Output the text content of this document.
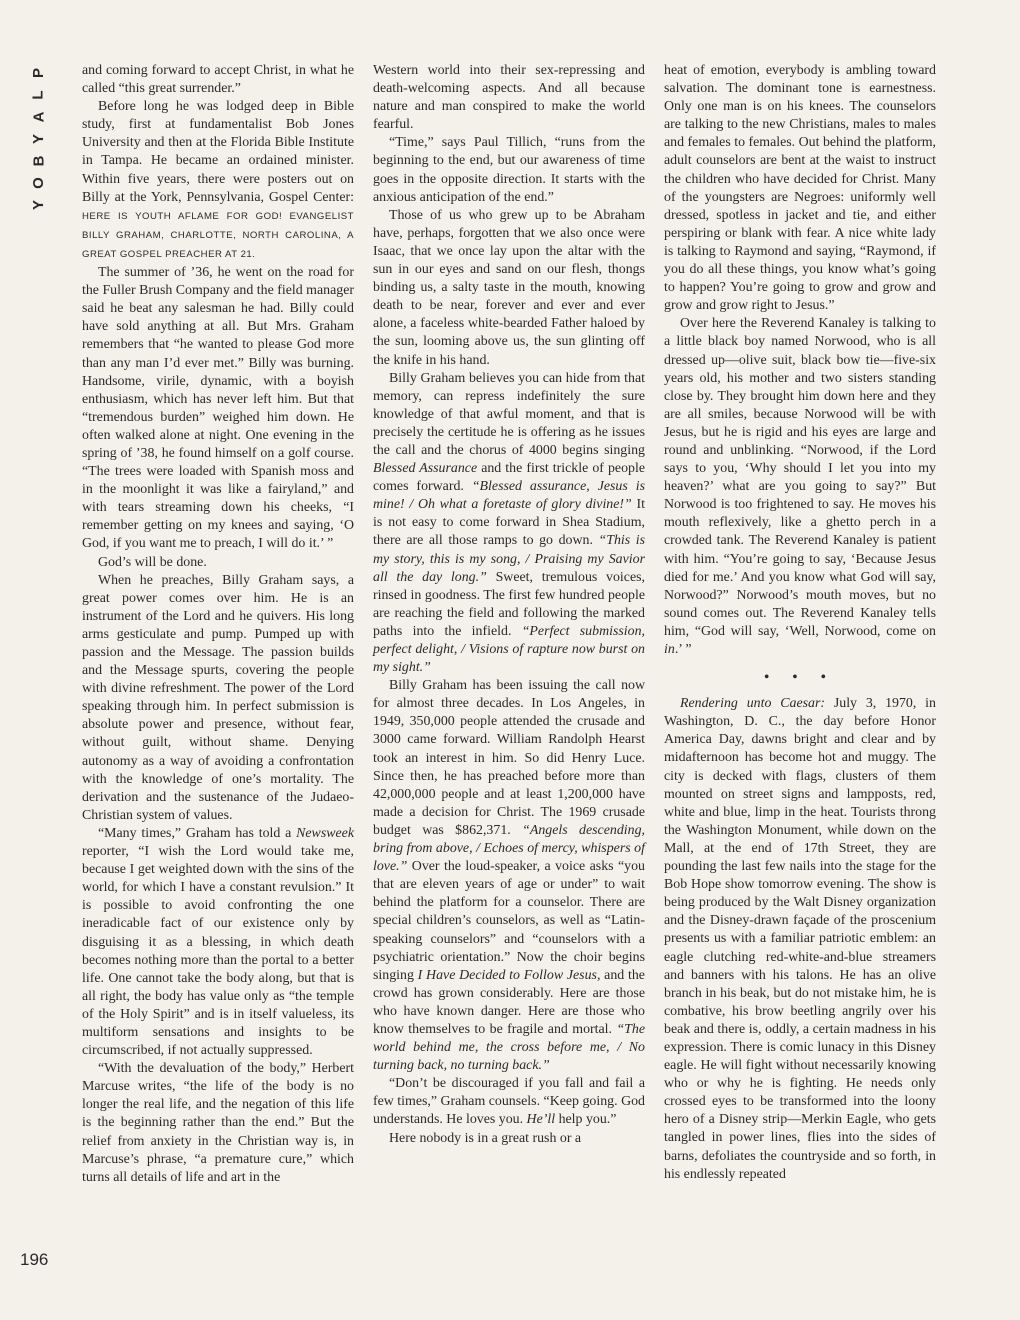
P
L
A
Y
B
O
Y
196

and coming forward to accept Christ, in what he called “this great surrender.”

Before long he was lodged deep in Bible study, first at fundamentalist Bob Jones University and then at the Florida Bible Institute in Tampa. He became an ordained minister. Within five years, there were posters out on Billy at the York, Pennsylvania, Gospel Center: HERE IS YOUTH AFLAME FOR GOD! EVANGELIST BILLY GRAHAM, CHARLOTTE, NORTH CAROLINA, A GREAT GOSPEL PREACHER AT 21.

The summer of ’36, he went on the road for the Fuller Brush Company and the field manager said he beat any salesman he had. Billy could have sold anything at all. But Mrs. Graham remembers that “he wanted to please God more than any man I’d ever met.” Billy was burning. Handsome, virile, dynamic, with a boyish enthusiasm, which has never left him. But that “tremendous burden” weighed him down. He often walked alone at night. One evening in the spring of ’38, he found himself on a golf course. “The trees were loaded with Spanish moss and in the moonlight it was like a fairyland,” and with tears streaming down his cheeks, “I remember getting on my knees and saying, ‘O God, if you want me to preach, I will do it.’ ”

God’s will be done.

When he preaches, Billy Graham says, a great power comes over him. He is an instrument of the Lord and he quivers. His long arms gesticulate and pump. Pumped up with passion and the Message. The passion builds and the Message spurts, covering the people with divine refreshment. The power of the Lord speaking through him. In perfect submission is absolute power and presence, without fear, without guilt, without shame. Denying autonomy as a way of avoiding a confrontation with the knowledge of one’s mortality. The derivation and the sustenance of the Judaeo-Christian system of values.

“Many times,” Graham has told a Newsweek reporter, “I wish the Lord would take me, because I get weighted down with the sins of the world, for which I have a constant revulsion.” It is possible to avoid confronting the one ineradicable fact of our existence only by disguising it as a blessing, in which death becomes nothing more than the portal to a better life. One cannot take the body along, but that is all right, the body has value only as “the temple of the Holy Spirit” and is in itself valueless, its multiform sensations and insights to be circumscribed, if not actually suppressed.

“With the devaluation of the body,” Herbert Marcuse writes, “the life of the body is no longer the real life, and the negation of this life is the beginning rather than the end.” But the relief from anxiety in the Christian way is, in Marcuse’s phrase, “a premature cure,” which turns all details of life and art in the

Western world into their sex-repressing and death-welcoming aspects. And all because nature and man conspired to make the world fearful.

“Time,” says Paul Tillich, “runs from the beginning to the end, but our awareness of time goes in the opposite direction. It starts with the anxious anticipation of the end.”

Those of us who grew up to be Abraham have, perhaps, forgotten that we also once were Isaac, that we once lay upon the altar with the sun in our eyes and sand on our flesh, thongs binding us, a salty taste in the mouth, knowing death to be near, forever and ever and ever alone, a faceless white-bearded Father haloed by the sun, looming above us, the sun glinting off the knife in his hand.

Billy Graham believes you can hide from that memory, can repress indefinitely the sure knowledge of that awful moment, and that is precisely the certitude he is offering as he issues the call and the chorus of 4000 begins singing Blessed Assurance and the first trickle of people comes forward. “Blessed assurance, Jesus is mine! / Oh what a foretaste of glory divine!” It is not easy to come forward in Shea Stadium, there are all those ramps to go down. “This is my story, this is my song, / Praising my Savior all the day long.” Sweet, tremulous voices, rinsed in goodness. The first few hundred people are reaching the field and following the marked paths into the infield. “Perfect submission, perfect delight, / Visions of rapture now burst on my sight.”

Billy Graham has been issuing the call now for almost three decades. In Los Angeles, in 1949, 350,000 people attended the crusade and 3000 came forward. William Randolph Hearst took an interest in him. So did Henry Luce. Since then, he has preached before more than 42,000,000 people and at least 1,200,000 have made a decision for Christ. The 1969 crusade budget was $862,371. “Angels descending, bring from above, / Echoes of mercy, whispers of love.” Over the loud-speaker, a voice asks “you that are eleven years of age or under” to wait behind the platform for a counselor. There are special children’s counselors, as well as “Latin-speaking counselors” and “counselors with a psychiatric orientation.” Now the choir begins singing I Have Decided to Follow Jesus, and the crowd has grown considerably. Here are those who have known danger. Here are those who know themselves to be fragile and mortal. “The world behind me, the cross before me, / No turning back, no turning back.”

“Don’t be discouraged if you fall and fail a few times,” Graham counsels. “Keep going. God understands. He loves you. He’ll help you.”

Here nobody is in a great rush or a

heat of emotion, everybody is ambling toward salvation. The dominant tone is earnestness. Only one man is on his knees. The counselors are talking to the new Christians, males to males and females to females. Out behind the platform, adult counselors are bent at the waist to instruct the children who have decided for Christ. Many of the youngsters are Negroes: uniformly well dressed, spotless in jacket and tie, and either perspiring or blank with fear. A nice white lady is talking to Raymond and saying, “Raymond, if you do all these things, you know what’s going to happen? You’re going to grow and grow and grow and grow right to Jesus.”

Over here the Reverend Kanaley is talking to a little black boy named Norwood, who is all dressed up—olive suit, black bow tie—five-six years old, his mother and two sisters standing close by. They brought him down here and they are all smiles, because Norwood will be with Jesus, but he is rigid and his eyes are large and round and unblinking. “Norwood, if the Lord says to you, ‘Why should I let you into my heaven?’ what are you going to say?” But Norwood is too frightened to say. He moves his mouth reflexively, like a ghetto perch in a crowded tank. The Reverend Kanaley is patient with him. “You’re going to say, ‘Because Jesus died for me.’ And you know what God will say, Norwood?” Norwood’s mouth moves, but no sound comes out. The Reverend Kanaley tells him, “God will say, ‘Well, Norwood, come on in.’ ”

• • •

Rendering unto Caesar: July 3, 1970, in Washington, D. C., the day before Honor America Day, dawns bright and clear and by midafternoon has become hot and muggy. The city is decked with flags, clusters of them mounted on street signs and lampposts, red, white and blue, limp in the heat. Tourists throng the Washington Monument, while down on the Mall, at the end of 17th Street, they are pounding the last few nails into the stage for the Bob Hope show tomorrow evening. The show is being produced by the Walt Disney organization and the Disney-drawn façade of the proscenium presents us with a familiar patriotic emblem: an eagle clutching red-white-and-blue streamers and banners with his talons. He has an olive branch in his beak, but do not mistake him, he is combative, his brow beetling angrily over his beak and there is, oddly, a certain madness in his expression. There is comic lunacy in this Disney eagle. He will fight without necessarily knowing who or why he is fighting. He needs only crossed eyes to be transformed into the loony hero of a Disney strip—Merkin Eagle, who gets tangled in power lines, flies into the sides of barns, defoliates the countryside and so forth, in his endlessly repeated
